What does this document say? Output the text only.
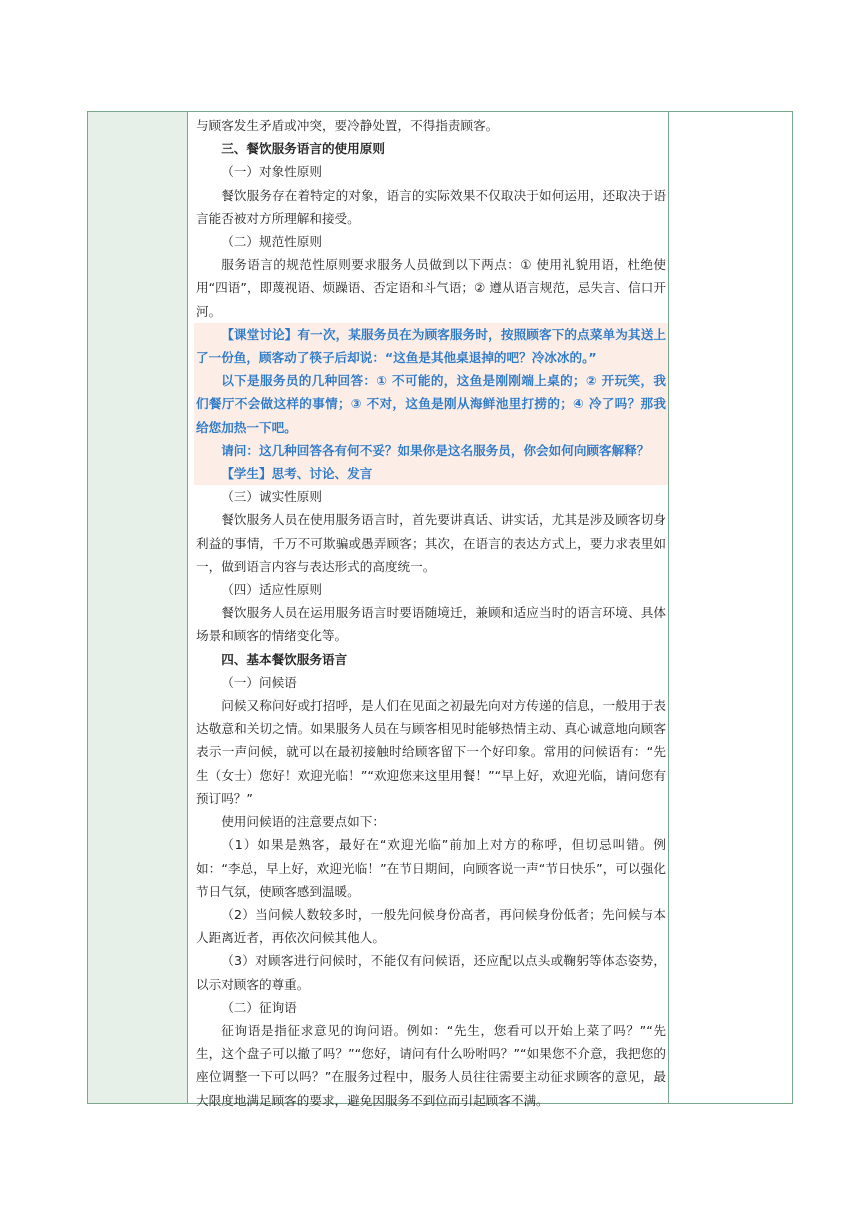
与顾客发生矛盾或冲突，要冷静处置，不得指责顾客。

三、餐饮服务语言的使用原则

（一）对象性原则

餐饮服务存在着特定的对象，语言的实际效果不仅取决于如何运用，还取决于语言能否被对方所理解和接受。

（二）规范性原则

服务语言的规范性原则要求服务人员做到以下两点：① 使用礼貌用语，杜绝使用“四语”，即蔑视语、烦躁语、否定语和斗气语；② 遵从语言规范，忌失言、信口开河。

【课堂讨论】有一次，某服务员在为顾客服务时，按照顾客下的点菜单为其送上了一份鱼，顾客动了筷子后却说：“这鱼是其他桌退掉的吧？冷冰冰的。”

以下是服务员的几种回答：① 不可能的，这鱼是刚刚端上桌的；② 开玩笑，我们餐厅不会做这样的事情；③ 不对，这鱼是刚从海鲜池里打捞的；④ 冷了吗？那我给您加热一下吧。

请问：这几种回答各有何不妥？如果你是这名服务员，你会如何向顾客解释？

【学生】思考、讨论、发言

（三）诚实性原则

餐饮服务人员在使用服务语言时，首先要讲真话、讲实话，尤其是涉及顾客切身利益的事情，千万不可欺骗或愚弄顾客；其次，在语言的表达方式上，要力求表里如一，做到语言内容与表达形式的高度统一。

（四）适应性原则

餐饮服务人员在运用服务语言时要语随境迁，兼顾和适应当时的语言环境、具体场景和顾客的情绪变化等。

四、基本餐饮服务语言

（一）问候语

问候又称问好或打招呼，是人们在见面之初最先向对方传递的信息，一般用于表达敬意和关切之情。如果服务人员在与顾客相见时能够热情主动、真心诚意地向顾客表示一声问候，就可以在最初接触时给顾客留下一个好印象。常用的问候语有：“先生（女士）您好！欢迎光临！”“欢迎您来这里用餐！”“早上好，欢迎光临，请问您有预订吗？”

使用问候语的注意要点如下：

（1）如果是熟客，最好在“欢迎光临”前加上对方的称呼，但切忌叫错。例如：“李总，早上好，欢迎光临！”在节日期间，向顾客说一声“节日快乐”，可以强化节日气氛，使顾客感到温暖。

（2）当问候人数较多时，一般先问候身份高者，再问候身份低者；先问候与本人距离近者，再依次问候其他人。

（3）对顾客进行问候时，不能仅有问候语，还应配以点头或鞠躬等体态姿势，以示对顾客的尊重。

（二）征询语

征询语是指征求意见的询问语。例如：“先生，您看可以开始上菜了吗？”“先生，这个盘子可以撤了吗？”“您好，请问有什么吩咐吗？”“如果您不介意，我把您的座位调整一下可以吗？”在服务过程中，服务人员往往需要主动征求顾客的意见，最大限度地满足顾客的要求，避免因服务不到位而引起顾客不满。
